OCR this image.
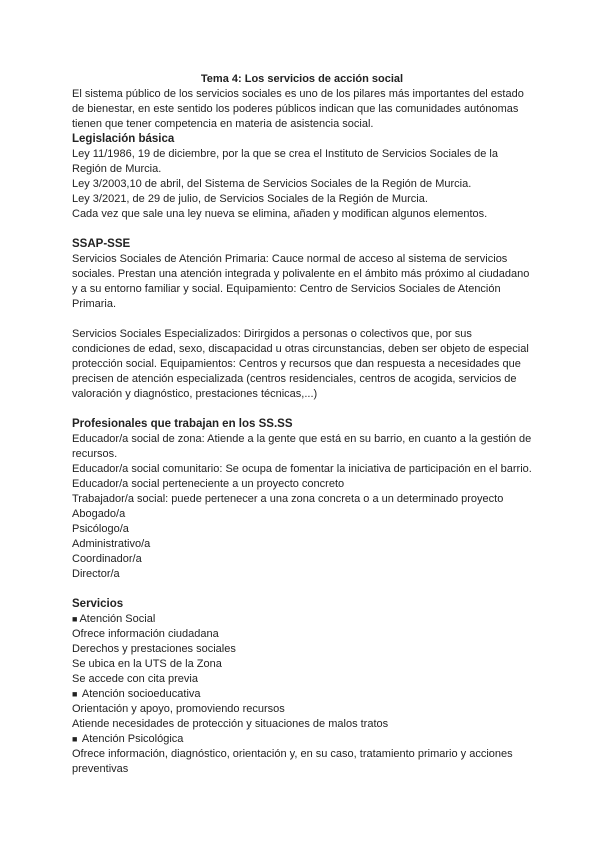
Tema 4: Los servicios de acción social

El sistema público de los servicios sociales es uno de los pilares más importantes del estado de bienestar, en este sentido los poderes públicos indican que las comunidades autónomas tienen que tener competencia en materia de asistencia social.

Legislación básica

Ley 11/1986, 19 de diciembre, por la que se crea el Instituto de Servicios Sociales de la Región de Murcia.

Ley 3/2003,10 de abril, del Sistema de Servicios Sociales de la Región de Murcia.

Ley 3/2021, de 29 de julio, de Servicios Sociales de la Región de Murcia.

Cada vez que sale una ley nueva se elimina, añaden y modifican algunos elementos.

SSAP-SSE

Servicios Sociales de Atención Primaria: Cauce normal de acceso al sistema de servicios sociales. Prestan una atención integrada y polivalente en el ámbito más próximo al ciudadano y a su entorno familiar y social. Equipamiento: Centro de Servicios Sociales de Atención Primaria.

Servicios Sociales Especializados: Dirirgidos a personas o colectivos que, por sus condiciones de edad, sexo, discapacidad u otras circunstancias, deben ser objeto de especial protección social. Equipamientos: Centros y recursos que dan respuesta a necesidades que precisen de atención especializada (centros residenciales, centros de acogida, servicios de valoración y diagnóstico, prestaciones técnicas,...)

Profesionales que trabajan en los SS.SS

Educador/a social de zona: Atiende a la gente que está en su barrio, en cuanto a la gestión de recursos.

Educador/a social comunitario: Se ocupa de fomentar la iniciativa de participación en el barrio.

Educador/a social perteneciente a un proyecto concreto

Trabajador/a social: puede pertenecer a una zona concreta o a un determinado proyecto

Abogado/a

Psicólogo/a

Administrativo/a

Coordinador/a

Director/a

Servicios

■ Atención Social

Ofrece información ciudadana

Derechos y prestaciones sociales

Se ubica en la UTS de la Zona

Se accede con cita previa

■ Atención socioeducativa

Orientación y apoyo, promoviendo recursos

Atiende necesidades de protección y situaciones de malos tratos

■ Atención Psicológica

Ofrece información, diagnóstico, orientación y, en su caso, tratamiento primario y acciones preventivas
